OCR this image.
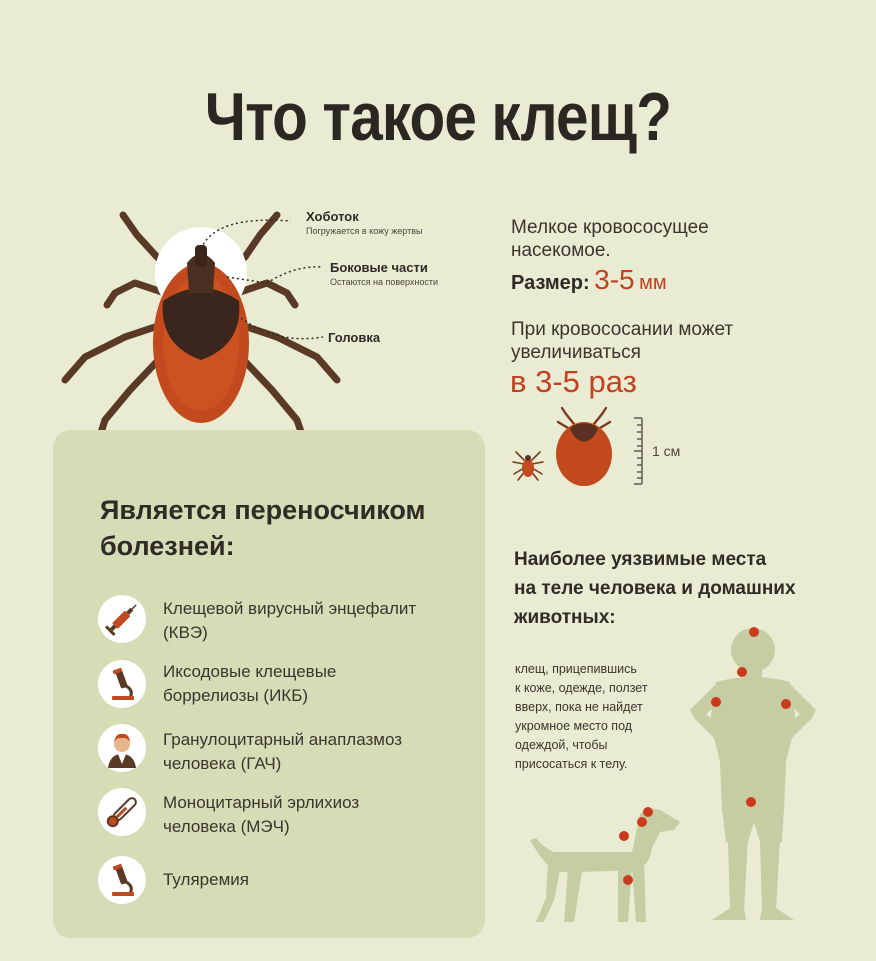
Что такое клещ?
Хоботок
Погружается в кожу жертвы
Боковые части
Остаются на поверхности
Головка
Мелкое кровососущее
насекомое.
Размер: 3-5 мм
При кровососании может
увеличиваться
в 3-5 раз
1 см
Является переносчиком
болезней:
Клещевой вирусный энцефалит
(КВЭ)
Иксодовые клещевые
боррелиозы (ИКБ)
Гранулоцитарный анаплазмоз
человека (ГАЧ)
Моноцитарный эрлихиоз
человека (МЭЧ)
Туляремия
Наиболее уязвимые места
на теле человека и домашних
животных:
клещ, прицепившись
к коже, одежде, ползет
вверх, пока не найдет
укромное место под
одеждой, чтобы
присосаться к телу.
